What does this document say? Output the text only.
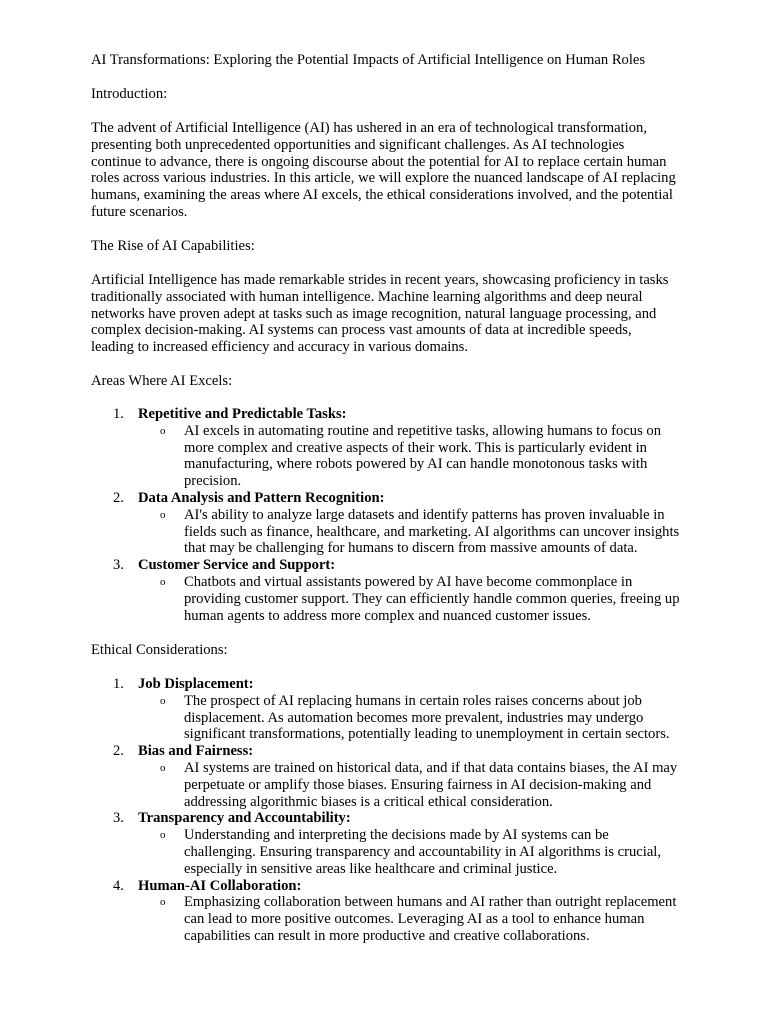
AI Transformations: Exploring the Potential Impacts of Artificial Intelligence on Human Roles
Introduction:
The advent of Artificial Intelligence (AI) has ushered in an era of technological transformation,
presenting both unprecedented opportunities and significant challenges. As AI technologies
continue to advance, there is ongoing discourse about the potential for AI to replace certain human
roles across various industries. In this article, we will explore the nuanced landscape of AI replacing
humans, examining the areas where AI excels, the ethical considerations involved, and the potential
future scenarios.
The Rise of AI Capabilities:
Artificial Intelligence has made remarkable strides in recent years, showcasing proficiency in tasks
traditionally associated with human intelligence. Machine learning algorithms and deep neural
networks have proven adept at tasks such as image recognition, natural language processing, and
complex decision-making. AI systems can process vast amounts of data at incredible speeds,
leading to increased efficiency and accuracy in various domains.
Areas Where AI Excels:
1. Repetitive and Predictable Tasks:
o AI excels in automating routine and repetitive tasks, allowing humans to focus on
more complex and creative aspects of their work. This is particularly evident in
manufacturing, where robots powered by AI can handle monotonous tasks with
precision.
2. Data Analysis and Pattern Recognition:
o AI's ability to analyze large datasets and identify patterns has proven invaluable in
fields such as finance, healthcare, and marketing. AI algorithms can uncover insights
that may be challenging for humans to discern from massive amounts of data.
3. Customer Service and Support:
o Chatbots and virtual assistants powered by AI have become commonplace in
providing customer support. They can efficiently handle common queries, freeing up
human agents to address more complex and nuanced customer issues.
Ethical Considerations:
1. Job Displacement:
o The prospect of AI replacing humans in certain roles raises concerns about job
displacement. As automation becomes more prevalent, industries may undergo
significant transformations, potentially leading to unemployment in certain sectors.
2. Bias and Fairness:
o AI systems are trained on historical data, and if that data contains biases, the AI may
perpetuate or amplify those biases. Ensuring fairness in AI decision-making and
addressing algorithmic biases is a critical ethical consideration.
3. Transparency and Accountability:
o Understanding and interpreting the decisions made by AI systems can be
challenging. Ensuring transparency and accountability in AI algorithms is crucial,
especially in sensitive areas like healthcare and criminal justice.
4. Human-AI Collaboration:
o Emphasizing collaboration between humans and AI rather than outright replacement
can lead to more positive outcomes. Leveraging AI as a tool to enhance human
capabilities can result in more productive and creative collaborations.
